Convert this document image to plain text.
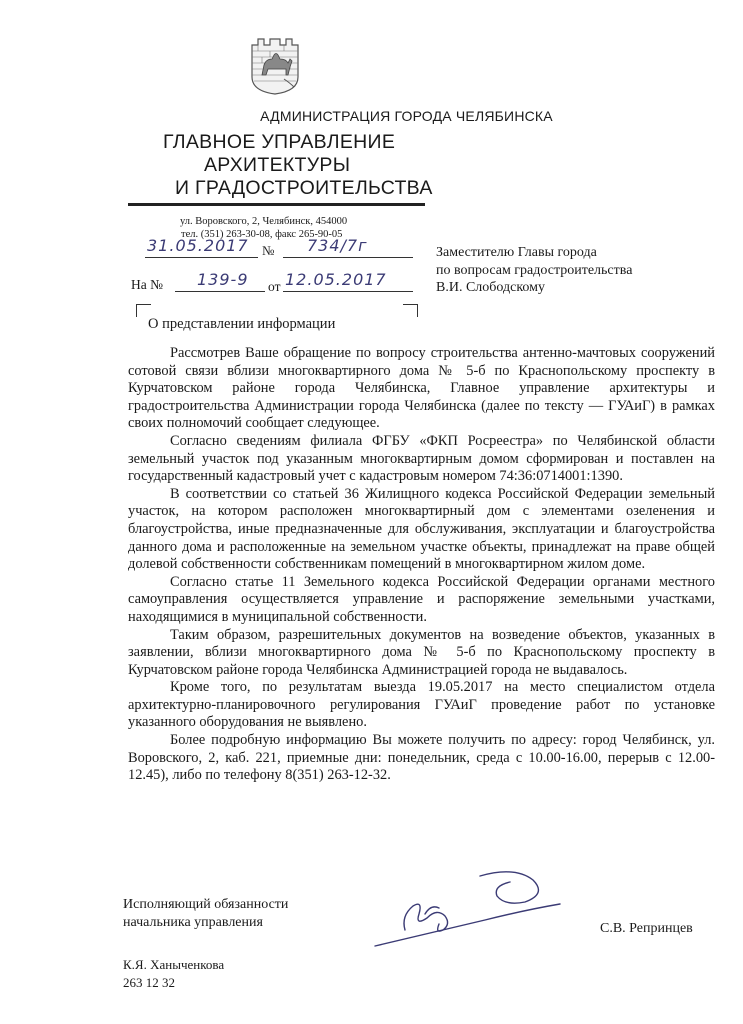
АДМИНИСТРАЦИЯ ГОРОДА ЧЕЛЯБИНСКА
ГЛАВНОЕ УПРАВЛЕНИЕ
АРХИТЕКТУРЫ
И ГРАДОСТРОИТЕЛЬСТВА
ул. Воровского, 2, Челябинск, 454000
тел. (351) 263-30-08, факс 265-90-05
31.05.2017 № 734/7г
На № 139-9 от 12.05.2017
Заместителю Главы города
по вопросам градостроительства
В.И. Слободскому
О представлении информации

Рассмотрев Ваше обращение по вопросу строительства антенно-мачтовых сооружений сотовой связи вблизи многоквартирного дома № 5-б по Краснопольскому проспекту в Курчатовском районе города Челябинска, Главное управление архитектуры и градостроительства Администрации города Челябинска (далее по тексту — ГУАиГ) в рамках своих полномочий сообщает следующее.

Согласно сведениям филиала ФГБУ «ФКП Росреестра» по Челябинской области земельный участок под указанным многоквартирным домом сформирован и поставлен на государственный кадастровый учет с кадастровым номером 74:36:0714001:1390.

В соответствии со статьей 36 Жилищного кодекса Российской Федерации земельный участок, на котором расположен многоквартирный дом с элементами озеленения и благоустройства, иные предназначенные для обслуживания, эксплуатации и благоустройства данного дома и расположенные на земельном участке объекты, принадлежат на праве общей долевой собственности собственникам помещений в многоквартирном жилом доме.

Согласно статье 11 Земельного кодекса Российской Федерации органами местного самоуправления осуществляется управление и распоряжение земельными участками, находящимися в муниципальной собственности.

Таким образом, разрешительных документов на возведение объектов, указанных в заявлении, вблизи многоквартирного дома № 5-б по Краснопольскому проспекту в Курчатовском районе города Челябинска Администрацией города не выдавалось.

Кроме того, по результатам выезда 19.05.2017 на место специалистом отдела архитектурно-планировочного регулирования ГУАиГ проведение работ по установке указанного оборудования не выявлено.

Более подробную информацию Вы можете получить по адресу: город Челябинск, ул. Воровского, 2, каб. 221, приемные дни: понедельник, среда с 10.00-16.00, перерыв с 12.00-12.45), либо по телефону 8(351) 263-12-32.

Исполняющий обязанности
начальника управления	С.В. Репринцев
К.Я. Ханыченкова
263 12 32
